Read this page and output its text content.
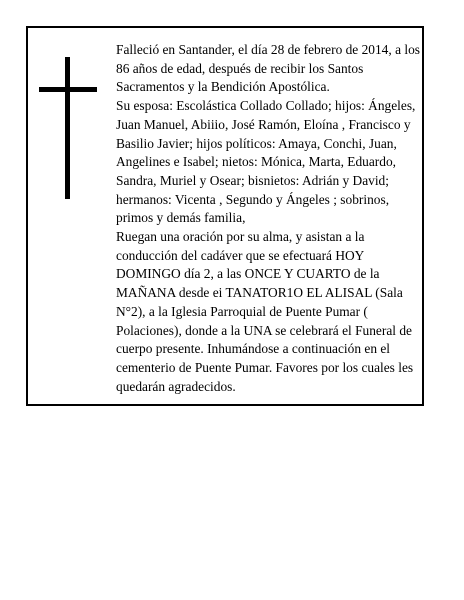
Falleció en Santander, el día 28 de febrero de 2014, a los 86 años de edad, después de recibir los Santos Sacramentos y la Bendición Apostólica.

Su esposa: Escolástica Collado Collado; hijos: Ángeles, Juan Manuel, Abiiio, José Ramón, Eloína , Francisco y Basilio Javier; hijos políticos: Amaya, Conchi, Juan, Angelines e Isabel; nietos: Mónica, Marta, Eduardo, Sandra, Muriel y Osear; bisnietos: Adrián y David; hermanos: Vicenta , Segundo y Ángeles ; sobrinos, primos y demás familia,

Ruegan una oración por su alma, y asistan a la conducción del cadáver que se efectuará HOY DOMINGO día 2, a las ONCE Y CUARTO de la MAÑANA desde ei TANATOR1O EL ALISAL (Sala N°2), a la Iglesia Parroquial de Puente Pumar ( Polaciones), donde a la UNA se celebrará el Funeral de cuerpo presente. Inhumándose a continuación en el cementerio de Puente Pumar. Favores por los cuales les quedarán agradecidos.
